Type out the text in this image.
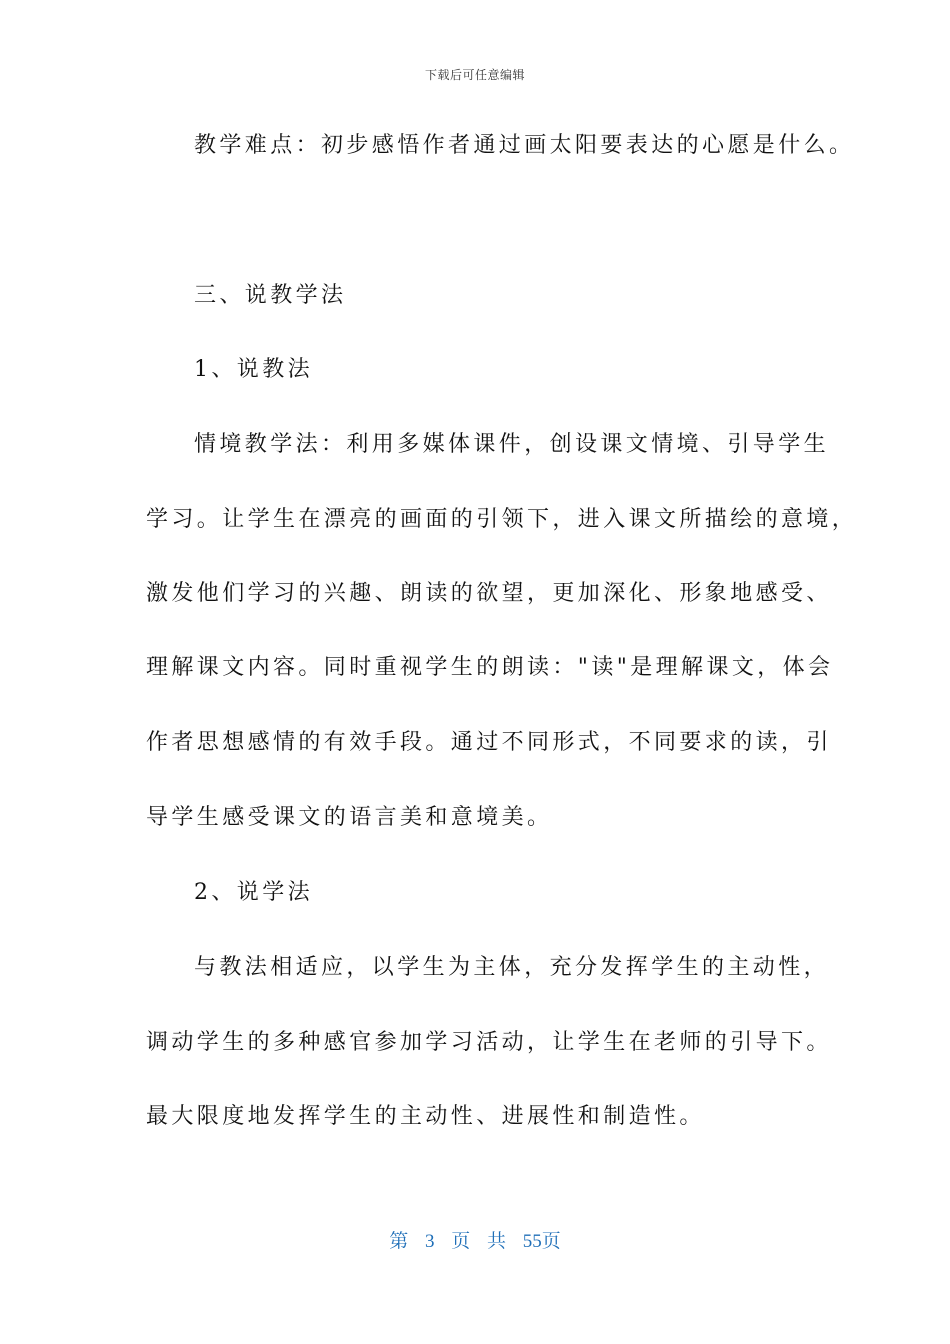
下载后可任意编辑
教学难点：初步感悟作者通过画太阳要表达的心愿是什么。
三、说教学法
1、说教法
情境教学法：利用多媒体课件，创设课文情境、引导学生
学习。让学生在漂亮的画面的引领下，进入课文所描绘的意境，
激发他们学习的兴趣、朗读的欲望，更加深化、形象地感受、
理解课文内容。同时重视学生的朗读："读"是理解课文，体会
作者思想感情的有效手段。通过不同形式，不同要求的读，引
导学生感受课文的语言美和意境美。
2、说学法
与教法相适应，以学生为主体，充分发挥学生的主动性，
调动学生的多种感官参加学习活动，让学生在老师的引导下。
最大限度地发挥学生的主动性、进展性和制造性。
第 3 页 共 55页
